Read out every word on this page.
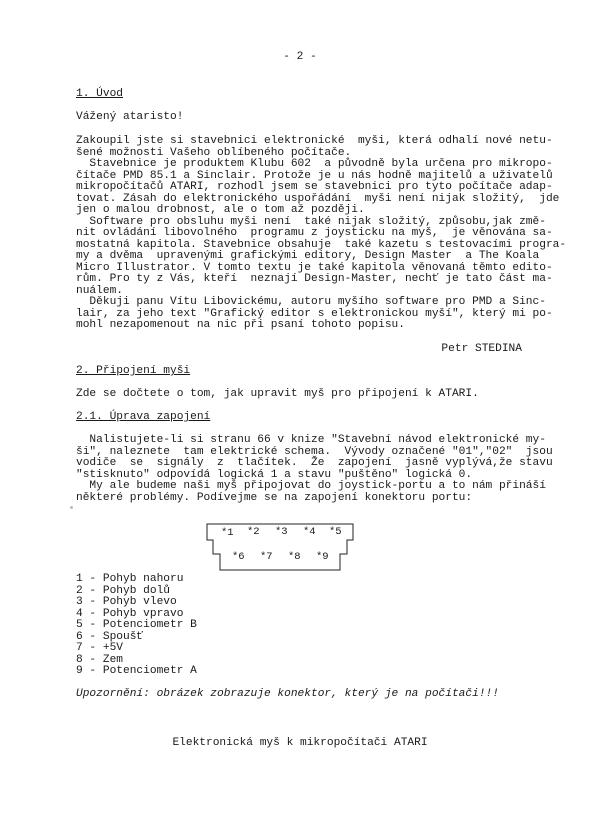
- 2 -
1. Úvod
Vážený ataristo!
Zakoupil jste si stavebnici elektronické  myši, která odhalí nové netu-
šené možnosti Vašeho oblíbeného počítače.
Stavebnice je produktem Klubu 602  a původně byla určena pro mikropo-
čítače PMD 85.1 a Sinclair. Protože je u nás hodně majitelů a uživatelů
mikropočítačů ATARI, rozhodl jsem se stavebnici pro tyto počítače adap-
tovat. Zásah do elektronického uspořádání  myši není nijak složitý,  jde
jen o malou drobnost, ale o tom až později.
Software pro obsluhu myši není  také nijak složitý, způsobu,jak změ-
nit ovládání libovolného  programu z joysticku na myš,  je věnována sa-
mostatná kapitola. Stavebnice obsahuje  také kazetu s testovacími progra-
my a dvěma  upravenými grafickými editory, Design Master  a The Koala
Micro Illustrator. V tomto textu je také kapitola věnovaná těmto edito-
rům. Pro ty z Vás, kteří  neznají Design-Master, nechť je tato část ma-
nuálem.
Děkuji panu Vítu Libovickému, autoru myšího software pro PMD a Sinc-
lair, za jeho text "Grafický editor s elektronickou myší", který mi po-
mohl nezapomenout na nic při psaní tohoto popisu.
Petr STEDINA
2. Připojení myši
Zde se dočtete o tom, jak upravit myš pro připojení k ATARI.
2.1. Úprava zapojení
Nalistujete-li si stranu 66 v knize "Stavební návod elektronické my-
ši", naleznete  tam elektrické schema.  Vývody označené "01","02"  jsou
vodiče  se  signály  z  tlačítek.  Že  zapojení  jasně vyplývá,že stavu
"stisknuto" odpovídá logická 1 a stavu "puštěno" logická 0.
My ale budeme naši myš připojovat do joystick-portu a to nám přináší
některé problémy. Podívejme se na zapojení konektoru portu:
*1 *2 *3 *4 *5
*6 *7 *8 *9
1 - Pohyb nahoru
2 - Pohyb dolů
3 - Pohyb vlevo
4 - Pohyb vpravo
5 - Potenciometr B
6 - Spoušť
7 - +5V
8 - Zem
9 - Potenciometr A
Upozornění: obrázek zobrazuje konektor, který je na počítači!!!
Elektronická myš k mikropočítači ATARI
